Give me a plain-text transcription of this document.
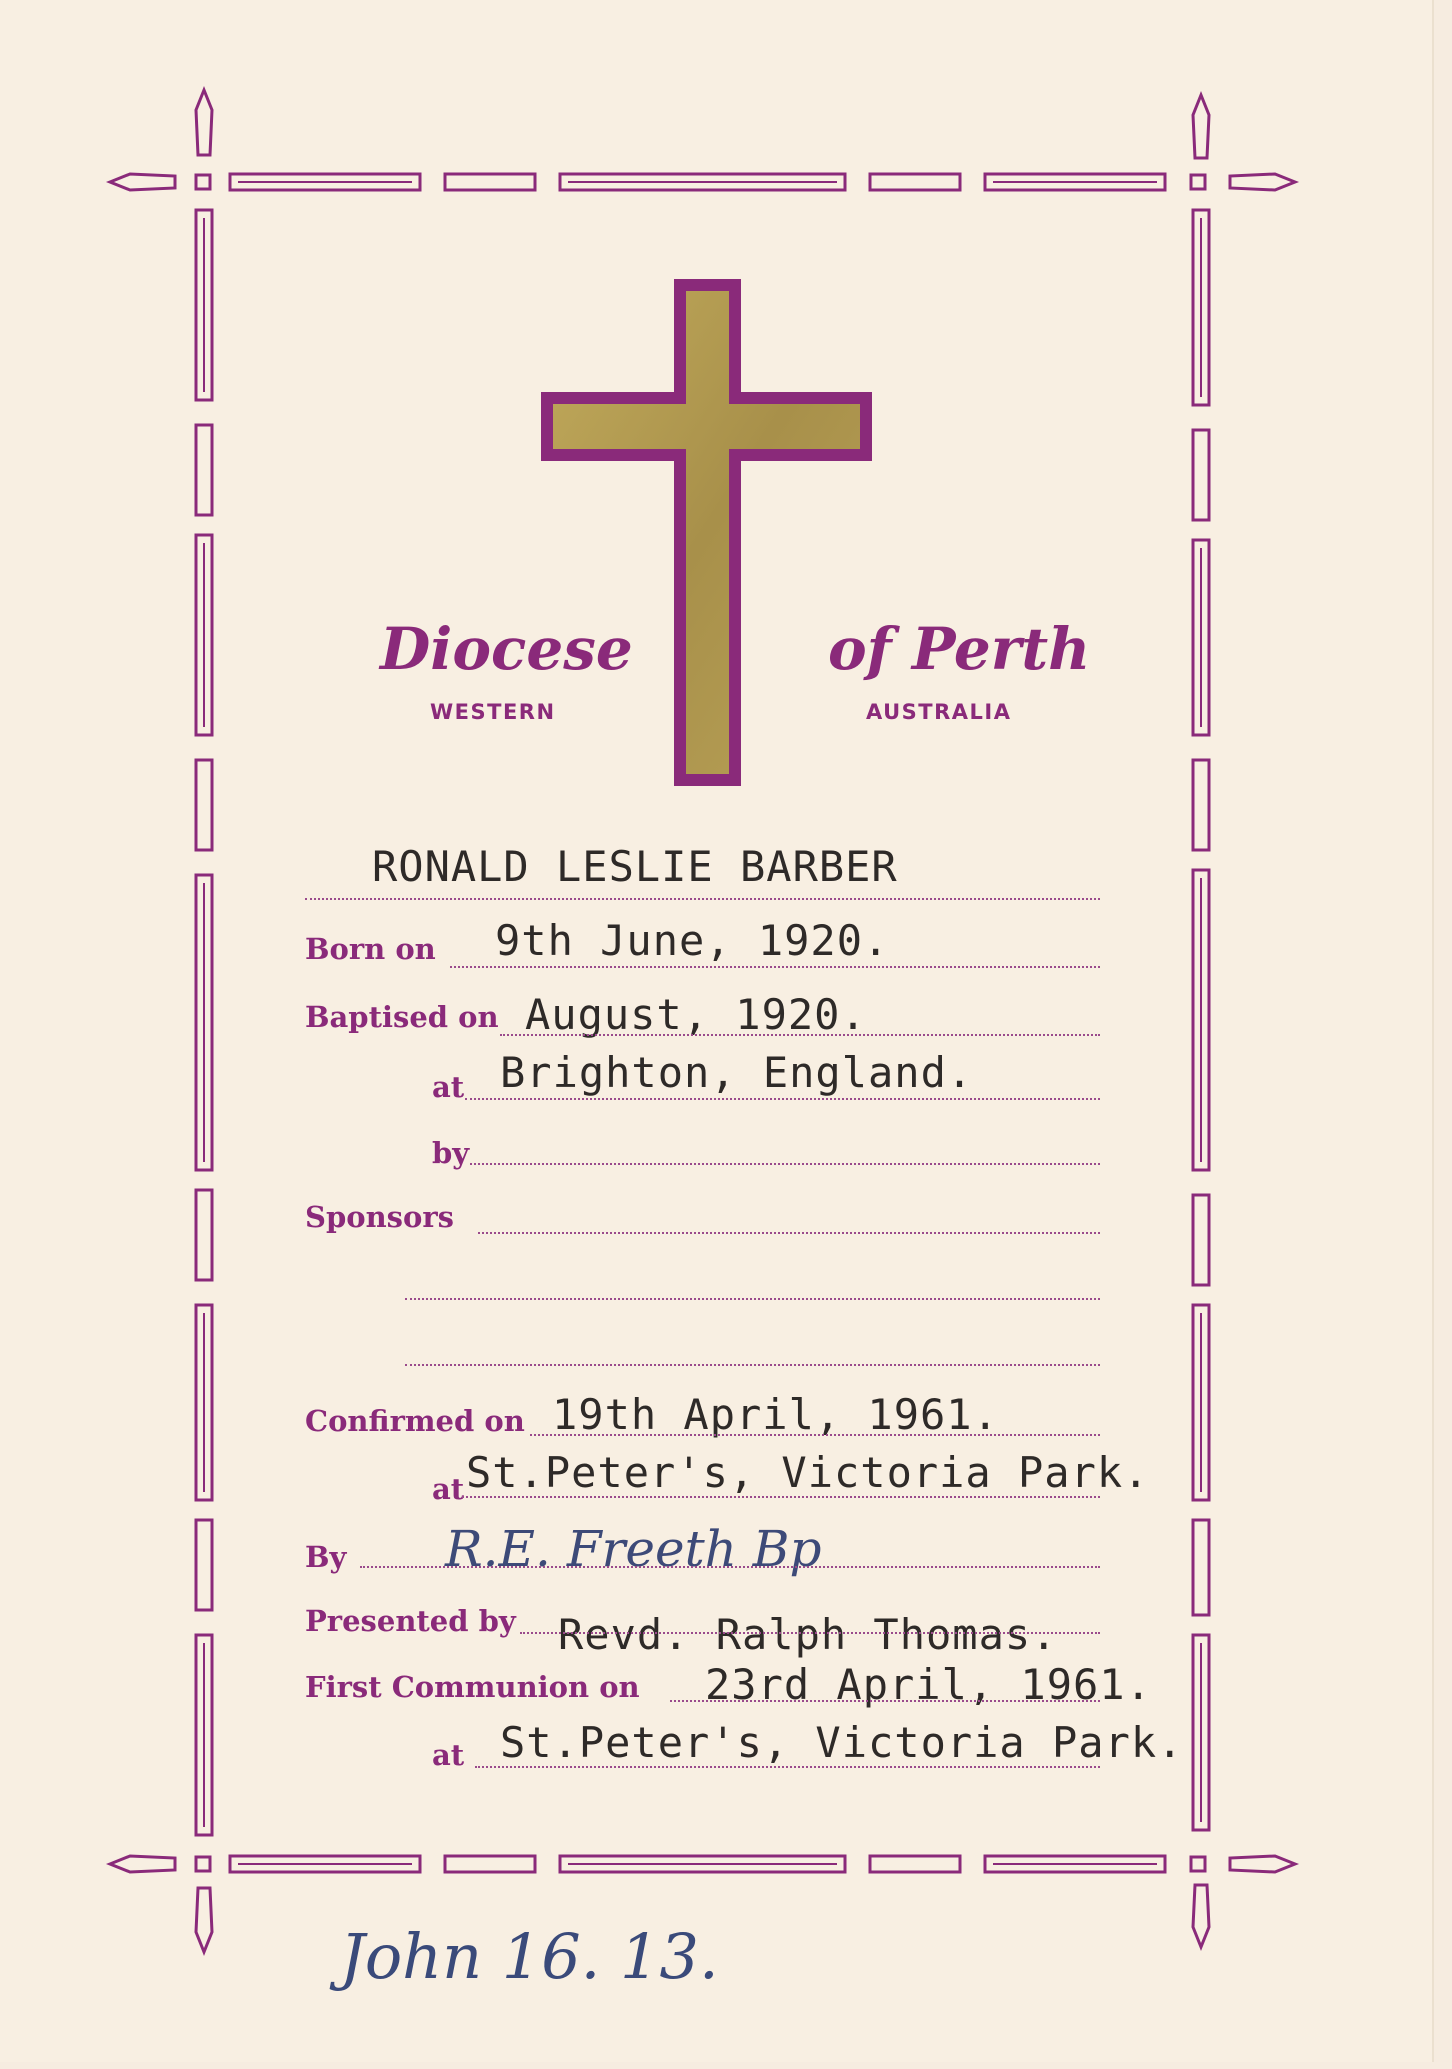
Diocese	of Perth
WESTERN	AUSTRALIA
RONALD LESLIE BARBER
Born on 9th June, 1920.
Baptised on August, 1920.
at Brighton, England.
by
Sponsors
Confirmed on 19th April, 1961.
at St.Peter's, Victoria Park.
By R.E. Freeth Bp
Presented by Revd. Ralph Thomas.
First Communion on 23rd April, 1961.
at St.Peter's, Victoria Park.
John 16. 13.
